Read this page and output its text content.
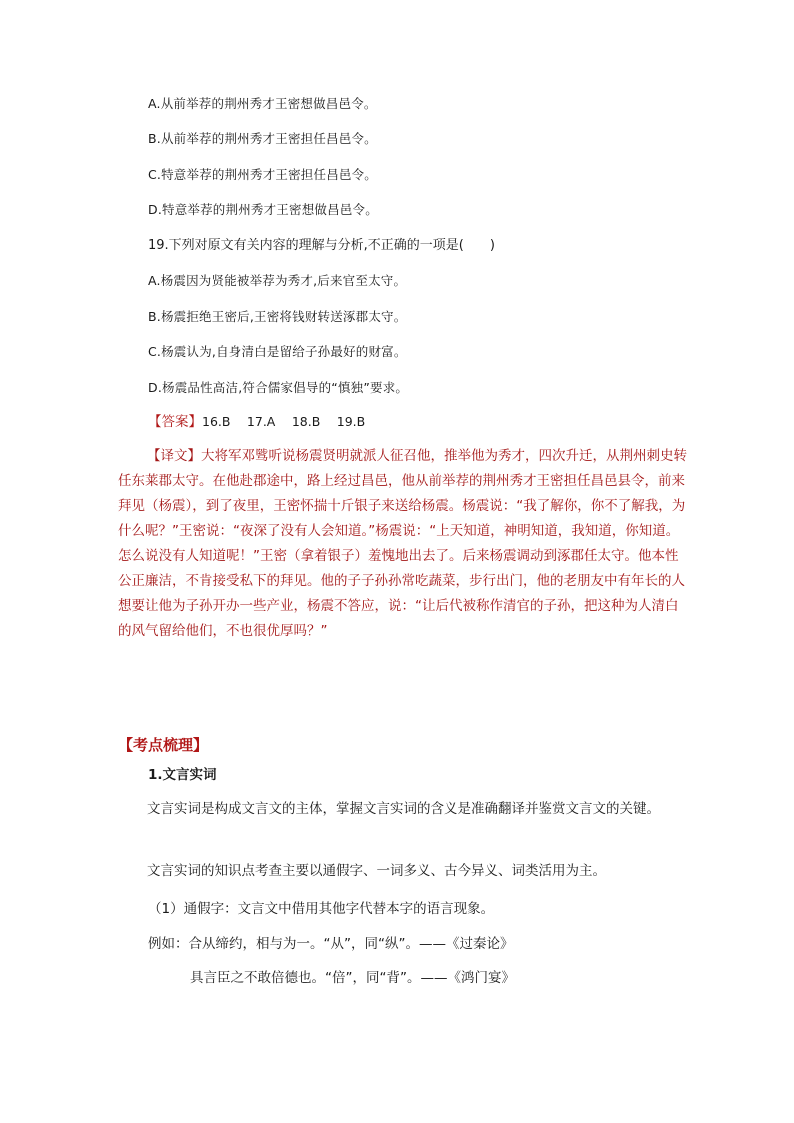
A.从前举荐的荆州秀才王密想做昌邑令。
B.从前举荐的荆州秀才王密担任昌邑令。
C.特意举荐的荆州秀才王密担任昌邑令。
D.特意举荐的荆州秀才王密想做昌邑令。
19.下列对原文有关内容的理解与分析,不正确的一项是(　　)
A.杨震因为贤能被举荐为秀才,后来官至太守。
B.杨震拒绝王密后,王密将钱财转送涿郡太守。
C.杨震认为,自身清白是留给子孙最好的财富。
D.杨震品性高洁,符合儒家倡导的“慎独”要求。
【答案】16.B　 17.A　 18.B　 19.B
【译文】大将军邓骘听说杨震贤明就派人征召他，推举他为秀才，四次升迁，从荆州刺史转任东莱郡太守。在他赴郡途中，路上经过昌邑，他从前举荐的荆州秀才王密担任昌邑县令，前来拜见（杨震），到了夜里，王密怀揣十斤银子来送给杨震。杨震说：“我了解你，你不了解我，为什么呢？”王密说：“夜深了没有人会知道。”杨震说：“上天知道，神明知道，我知道，你知道。怎么说没有人知道呢！”王密（拿着银子）羞愧地出去了。后来杨震调动到涿郡任太守。他本性公正廉洁，不肯接受私下的拜见。他的子子孙孙常吃蔬菜，步行出门，他的老朋友中有年长的人想要让他为子孙开办一些产业，杨震不答应，说：“让后代被称作清官的子孙，把这种为人清白的风气留给他们，不也很优厚吗？”
【考点梳理】
1.文言实词
文言实词是构成文言文的主体，掌握文言实词的含义是准确翻译并鉴赏文言文的关键。
文言实词的知识点考查主要以通假字、一词多义、古今异义、词类活用为主。
（1）通假字：文言文中借用其他字代替本字的语言现象。
例如：合从缔约，相与为一。“从”，同“纵”。——《过秦论》
具言臣之不敢倍德也。“倍”，同“背”。——《鸿门宴》
